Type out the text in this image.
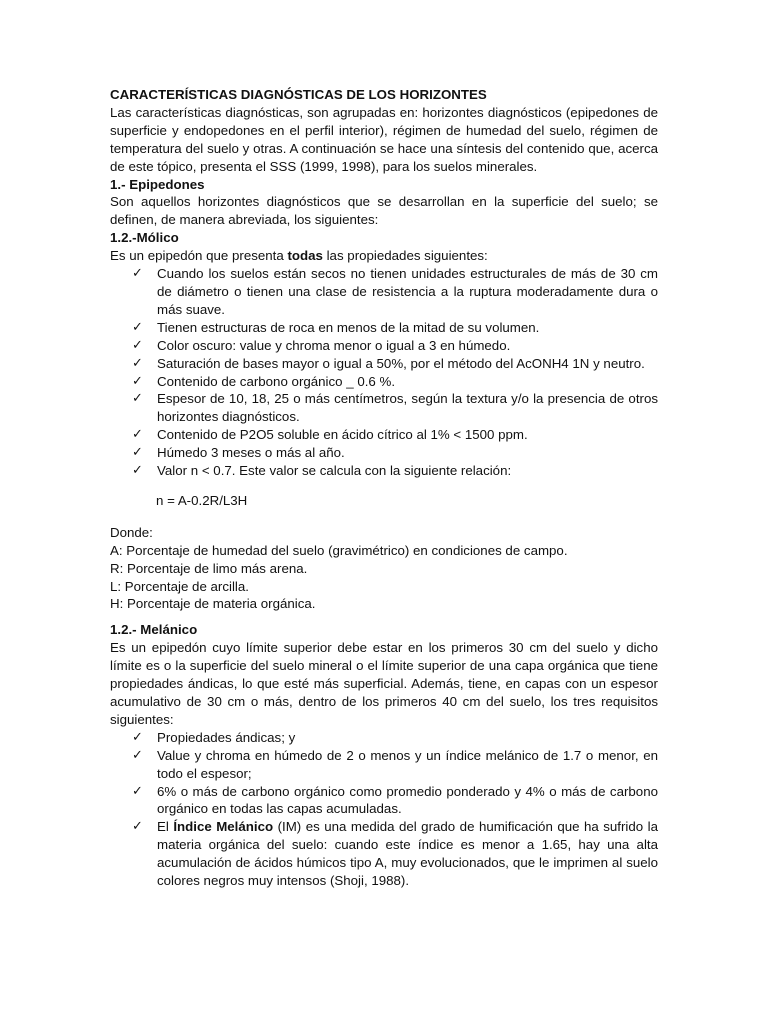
CARACTERÍSTICAS DIAGNÓSTICAS DE LOS HORIZONTES

Las características diagnósticas, son agrupadas en: horizontes diagnósticos (epipedones de superficie y endopedones en el perfil interior), régimen de humedad del suelo, régimen de temperatura del suelo y otras. A continuación se hace una síntesis del contenido que, acerca de este tópico, presenta el SSS (1999, 1998), para los suelos minerales.

1.- Epipedones

Son aquellos horizontes diagnósticos que se desarrollan en la superficie del suelo; se definen, de manera abreviada, los siguientes:

1.2.-Mólico

Es un epipedón que presenta todas las propiedades siguientes:

✓ Cuando los suelos están secos no tienen unidades estructurales de más de 30 cm de diámetro o tienen una clase de resistencia a la ruptura moderadamente dura o más suave.
✓ Tienen estructuras de roca en menos de la mitad de su volumen.
✓ Color oscuro: value y chroma menor o igual a 3 en húmedo.
✓ Saturación de bases mayor o igual a 50%, por el método del AcONH4 1N y neutro.
✓ Contenido de carbono orgánico _ 0.6 %.
✓ Espesor de 10, 18, 25 o más centímetros, según la textura y/o la presencia de otros horizontes diagnósticos.
✓ Contenido de P2O5 soluble en ácido cítrico al 1% < 1500 ppm.
✓ Húmedo 3 meses o más al año.
✓ Valor n < 0.7. Este valor se calcula con la siguiente relación:

n = A-0.2R/L3H

Donde:

A: Porcentaje de humedad del suelo (gravimétrico) en condiciones de campo.

R: Porcentaje de limo más arena.

L: Porcentaje de arcilla.

H: Porcentaje de materia orgánica.

1.2.- Melánico

Es un epipedón cuyo límite superior debe estar en los primeros 30 cm del suelo y dicho límite es o la superficie del suelo mineral o el límite superior de una capa orgánica que tiene propiedades ándicas, lo que esté más superficial. Además, tiene, en capas con un espesor acumulativo de 30 cm o más, dentro de los primeros 40 cm del suelo, los tres requisitos siguientes:

✓ Propiedades ándicas; y
✓ Value y chroma en húmedo de 2 o menos y un índice melánico de 1.7 o menor, en todo el espesor;
✓ 6% o más de carbono orgánico como promedio ponderado y 4% o más de carbono orgánico en todas las capas acumuladas.
✓ El Índice Melánico (IM) es una medida del grado de humificación que ha sufrido la materia orgánica del suelo: cuando este índice es menor a 1.65, hay una alta acumulación de ácidos húmicos tipo A, muy evolucionados, que le imprimen al suelo colores negros muy intensos (Shoji, 1988).
